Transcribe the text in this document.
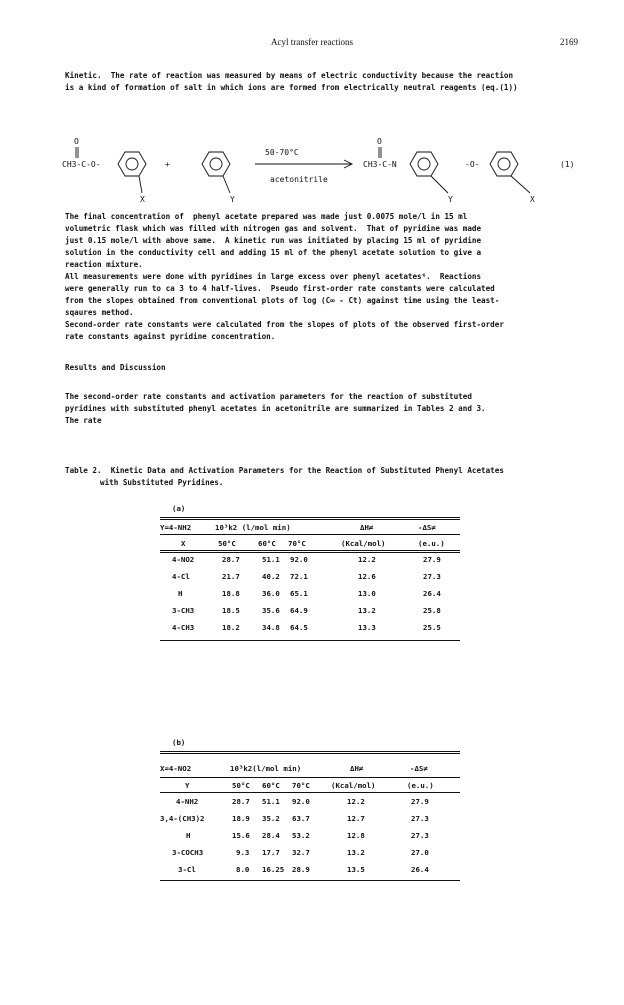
Acyl transfer reactions	2169
Kinetic.  The rate of reaction was measured by means of electric conductivity because the reaction
is a kind of formation of salt in which ions are formed from electrically neutral reagents (eq.(1))
O
CH3-C-O-
X
+
Y
50-70°C
acetonitrile
O
CH3-C-N
Y
-O-
X
(1)
The final concentration of  phenyl acetate prepared was made just 0.0075 mole/l in 15 ml
volumetric flask which was filled with nitrogen gas and solvent.  That of pyridine was made
just 0.15 mole/l with above same.  A kinetic run was initiated by placing 15 ml of pyridine
solution in the conductivity cell and adding 15 ml of the phenyl acetate solution to give a
reaction mixture.
All measurements were done with pyridines in large excess over phenyl acetates⁶.  Reactions
were generally run to ca 3 to 4 half-lives.  Pseudo first-order rate constants were calculated
from the slopes obtained from conventional plots of log (C∞ - Ct) against time using the least-
sqaures method.
Second-order rate constants were calculated from the slopes of plots of the observed first-order
rate constants against pyridine concentration.
Results and Discussion
The second-order rate constants and activation parameters for the reaction of substituted
pyridines with substituted phenyl acetates in acetonitrile are summarized in Tables 2 and 3.
The rate
Table 2.  Kinetic Data and Activation Parameters for the Reaction of Substituted Phenyl Acetates
with Substituted Pyridines.
(a)
Y=4-NH2	10³k2 (l/mol min)	ΔH≠	-ΔS≠
X	50°C	60°C 70°C	(Kcal/mol)	(e.u.)
4-NO2	28.7	51.1 92.0	12.2	27.9
4-Cl	21.7	40.2 72.1	12.6	27.3
H	18.8	36.0 65.1	13.0	26.4
3-CH3	18.5	35.6 64.9	13.2	25.8
4-CH3	18.2	34.8 64.5	13.3	25.5
(b)
X=4-NO2	10³k2(l/mol min)	ΔH≠	-ΔS≠
Y	50°C 60°C 70°C	(Kcal/mol)	(e.u.)
4-NH2	28.7 51.1 92.0	12.2	27.9
3,4-(CH3)2	18.9 35.2 63.7	12.7	27.3
H	15.6 28.4 53.2	12.8	27.3
3-COCH3	9.3 17.7 32.7	13.2	27.0
3-Cl	8.0 16.25 28.9	13.5	26.4
